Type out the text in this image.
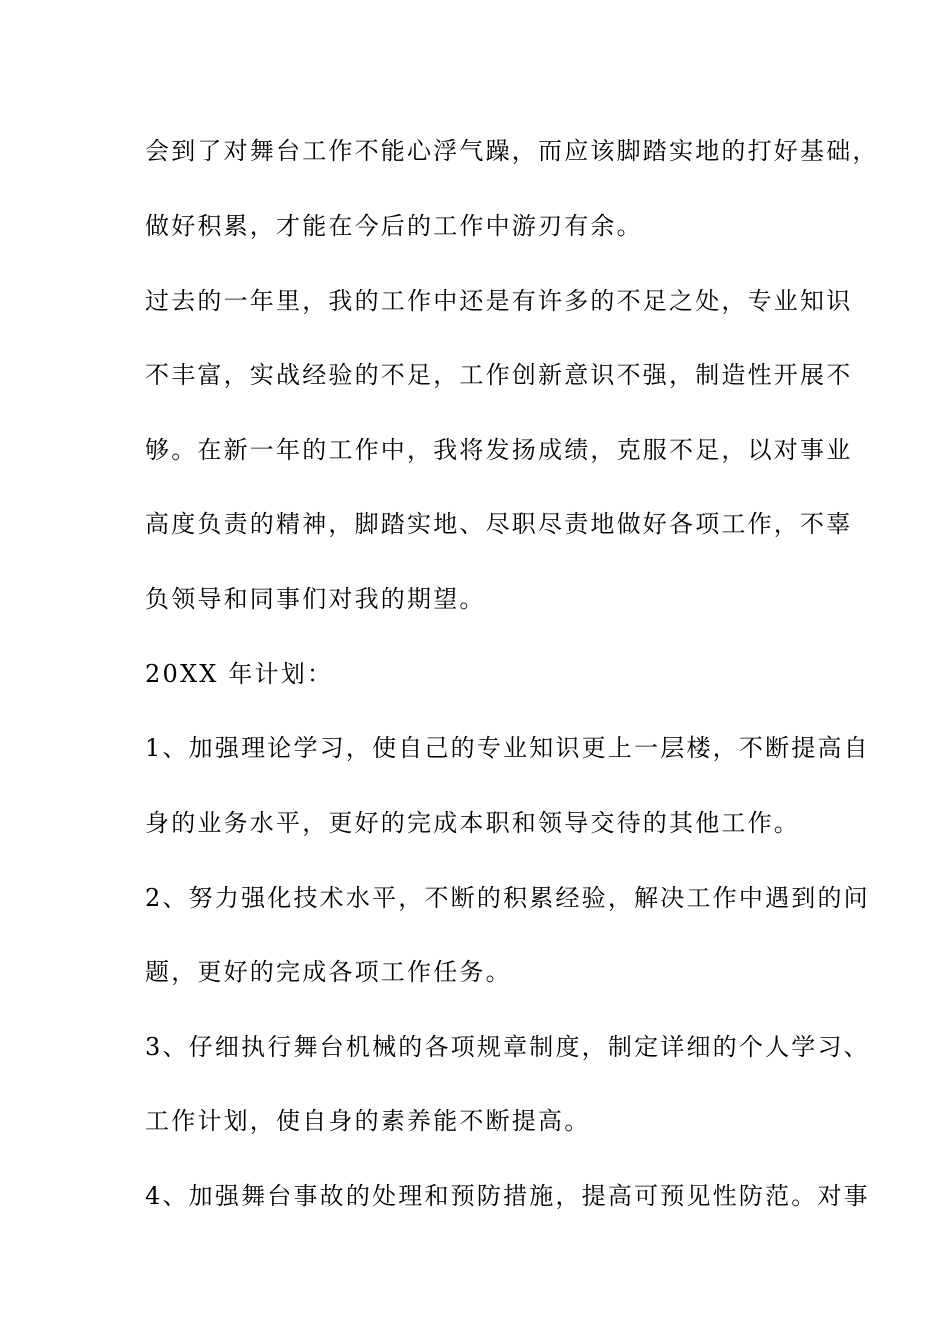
会到了对舞台工作不能心浮气躁，而应该脚踏实地的打好基础，
做好积累，才能在今后的工作中游刃有余。
过去的一年里，我的工作中还是有许多的不足之处，专业知识
不丰富，实战经验的不足，工作创新意识不强，制造性开展不
够。在新一年的工作中，我将发扬成绩，克服不足，以对事业
高度负责的精神，脚踏实地、尽职尽责地做好各项工作，不辜
负领导和同事们对我的期望。
20XX 年计划：
1、加强理论学习，使自己的专业知识更上一层楼，不断提高自
身的业务水平，更好的完成本职和领导交待的其他工作。
2、努力强化技术水平，不断的积累经验，解决工作中遇到的问
题，更好的完成各项工作任务。
3、仔细执行舞台机械的各项规章制度，制定详细的个人学习、
工作计划，使自身的素养能不断提高。
4、加强舞台事故的处理和预防措施，提高可预见性防范。对事
